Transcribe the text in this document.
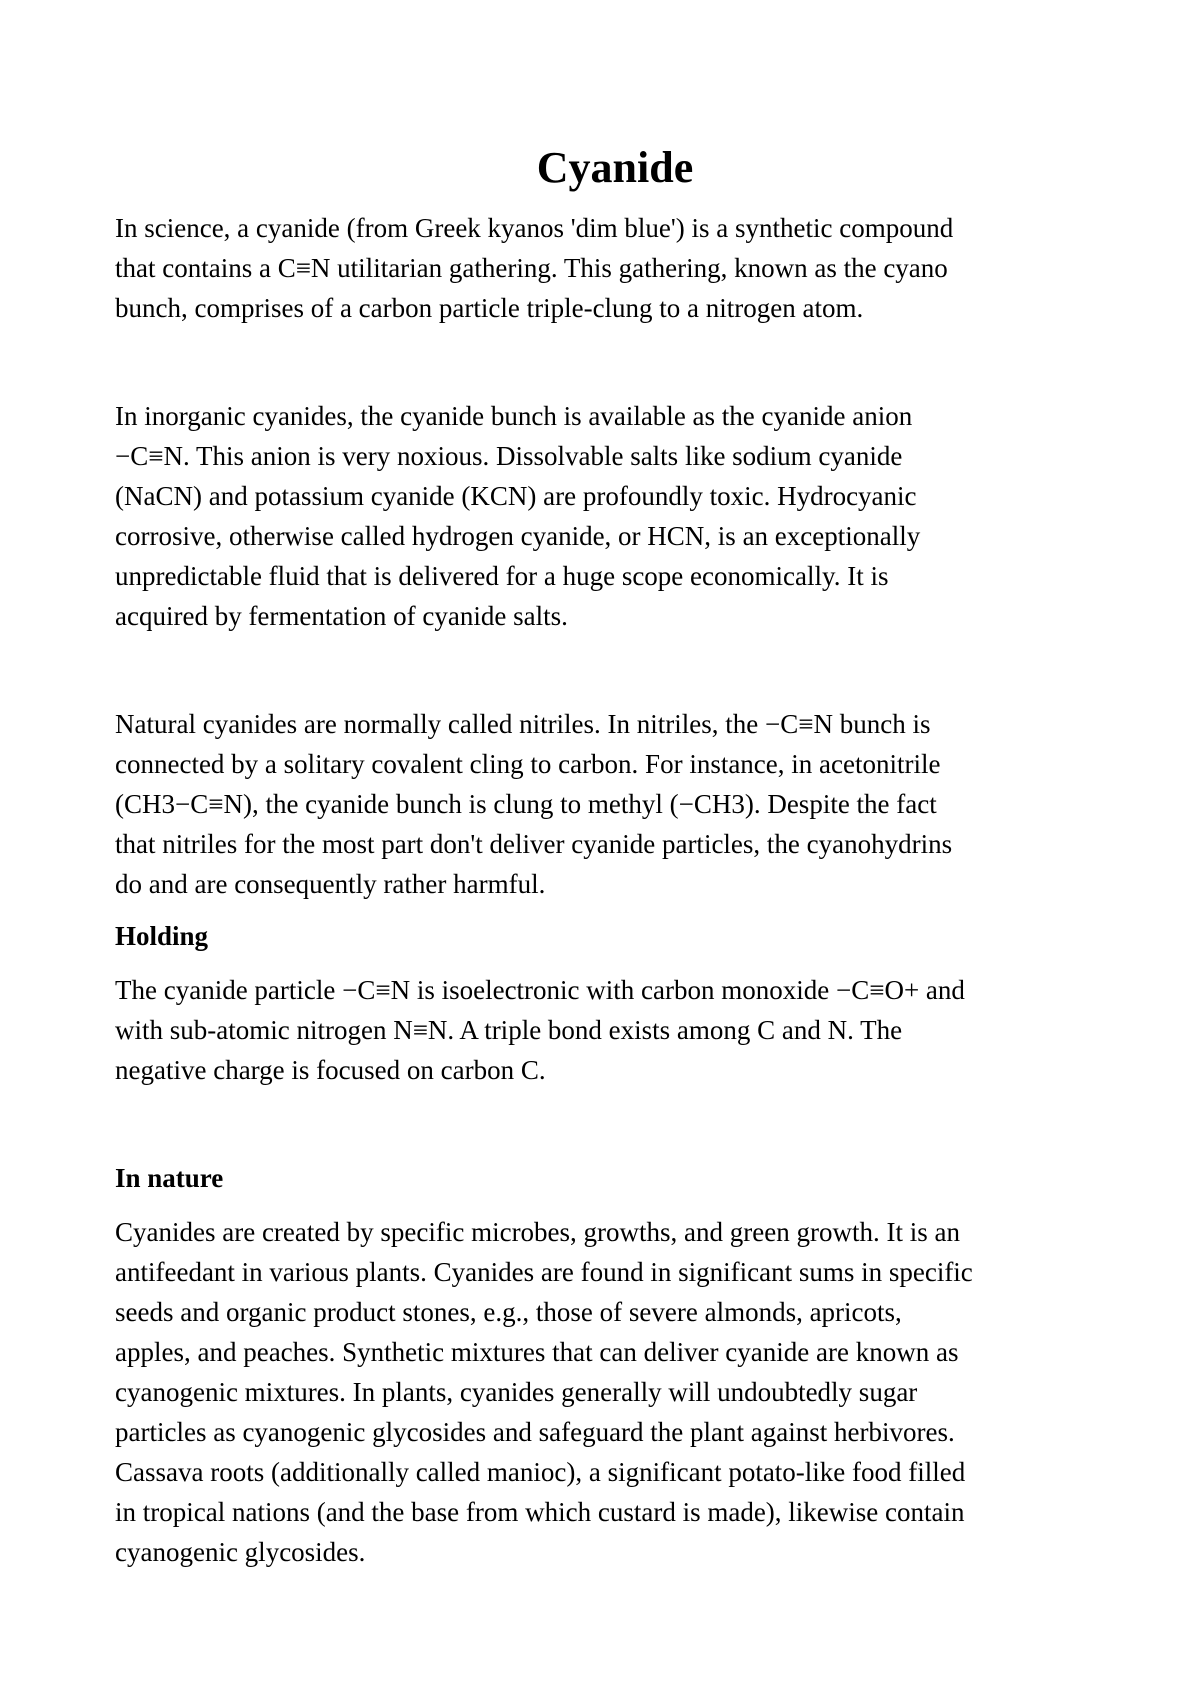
Cyanide

In science, a cyanide (from Greek kyanos 'dim blue') is a synthetic compound
that contains a C≡N utilitarian gathering. This gathering, known as the cyano
bunch, comprises of a carbon particle triple-clung to a nitrogen atom.

In inorganic cyanides, the cyanide bunch is available as the cyanide anion
−C≡N. This anion is very noxious. Dissolvable salts like sodium cyanide
(NaCN) and potassium cyanide (KCN) are profoundly toxic. Hydrocyanic
corrosive, otherwise called hydrogen cyanide, or HCN, is an exceptionally
unpredictable fluid that is delivered for a huge scope economically. It is
acquired by fermentation of cyanide salts.

Natural cyanides are normally called nitriles. In nitriles, the −C≡N bunch is
connected by a solitary covalent cling to carbon. For instance, in acetonitrile
(CH3−C≡N), the cyanide bunch is clung to methyl (−CH3). Despite the fact
that nitriles for the most part don't deliver cyanide particles, the cyanohydrins
do and are consequently rather harmful.

Holding

The cyanide particle −C≡N is isoelectronic with carbon monoxide −C≡O+ and
with sub-atomic nitrogen N≡N. A triple bond exists among C and N. The
negative charge is focused on carbon C.

In nature

Cyanides are created by specific microbes, growths, and green growth. It is an
antifeedant in various plants. Cyanides are found in significant sums in specific
seeds and organic product stones, e.g., those of severe almonds, apricots,
apples, and peaches. Synthetic mixtures that can deliver cyanide are known as
cyanogenic mixtures. In plants, cyanides generally will undoubtedly sugar
particles as cyanogenic glycosides and safeguard the plant against herbivores.
Cassava roots (additionally called manioc), a significant potato-like food filled
in tropical nations (and the base from which custard is made), likewise contain
cyanogenic glycosides.
